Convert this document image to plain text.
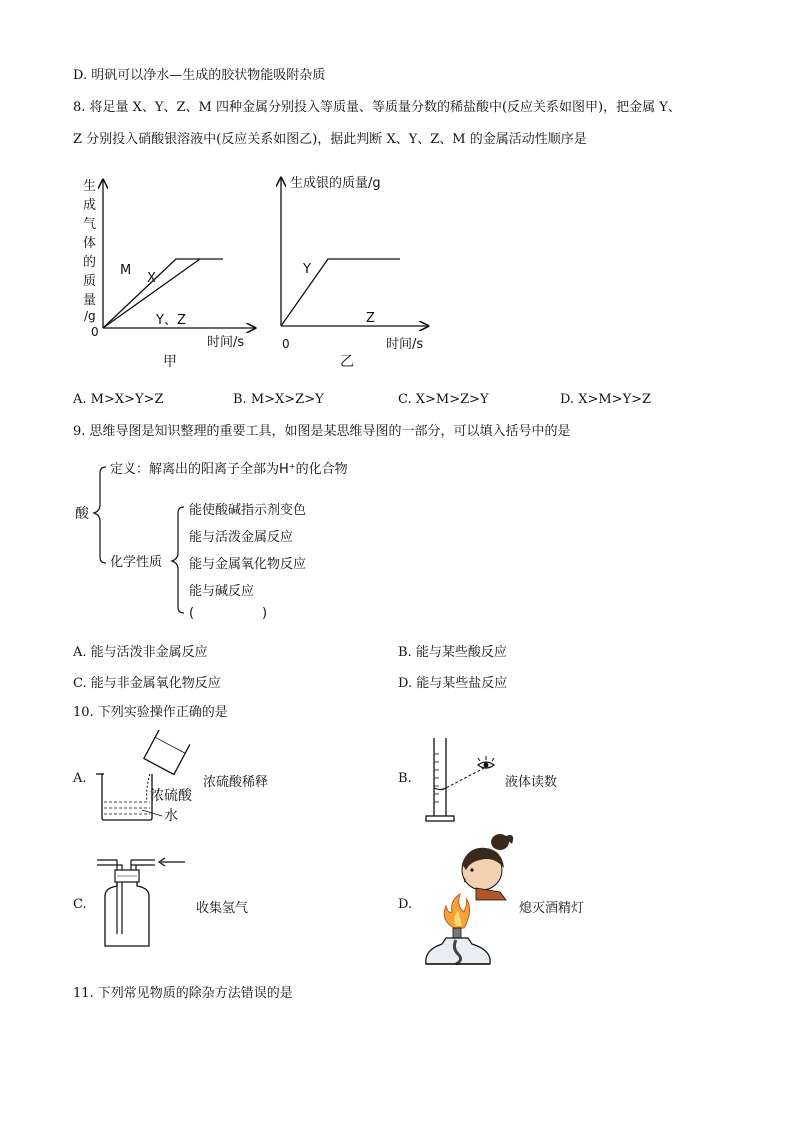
D. 明矾可以净水—生成的胶状物能吸附杂质
8. 将足量 X、Y、Z、M 四种金属分别投入等质量、等质量分数的稀盐酸中(反应关系如图甲)，把金属 Y、
Z 分别投入硝酸银溶液中(反应关系如图乙)，据此判断 X、Y、Z、M 的金属活动性顺序是
生
成
气
体
的
质
量
/g
0
M
X
Y、Z
时间/s
甲
生成银的质量/g
Y
Z
0	时间/s
乙
A. M>X>Y>Z	B. M>X>Z>Y	C. X>M>Z>Y	D. X>M>Y>Z
9. 思维导图是知识整理的重要工具，如图是某思维导图的一部分，可以填入括号中的是
酸
定义：解离出的阳离子全部为H⁺的化合物
化学性质
能使酸碱指示剂变色
能与活泼金属反应
能与金属氧化物反应
能与碱反应
(	)
A. 能与活泼非金属反应	B. 能与某些酸反应
C. 能与非金属氧化物反应	D. 能与某些盐反应
10. 下列实验操作正确的是
A.
浓硫酸
水
浓硫酸稀释	B.	液体读数
C.	收集氢气	D.	熄灭酒精灯
11. 下列常见物质的除杂方法错误的是
